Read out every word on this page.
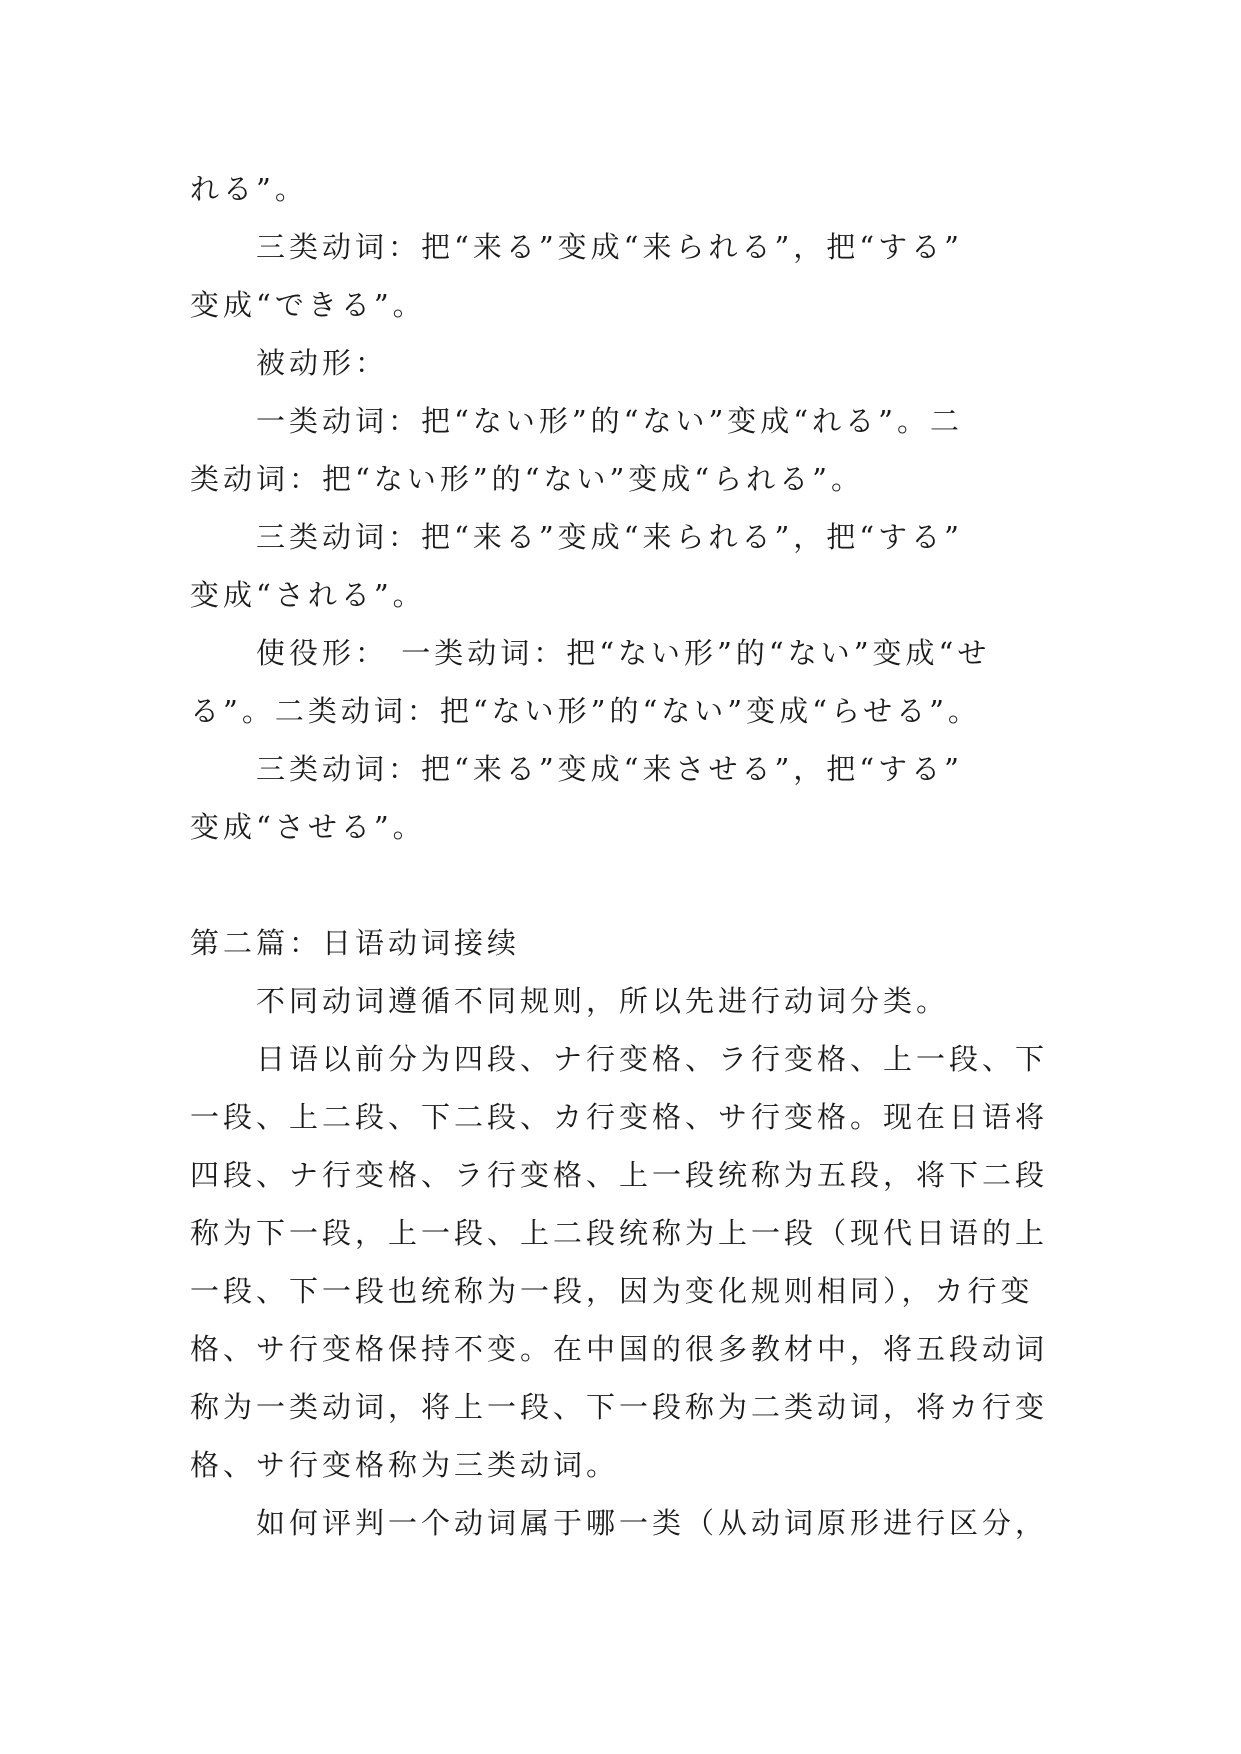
れる”。

三类动词：把“来る”变成“来られる”，把“する”

变成“できる”。

被动形：

一类动词：把“ない形”的“ない”变成“れる”。二

类动词：把“ない形”的“ない”变成“られる”。

三类动词：把“来る”变成“来られる”，把“する”

变成“される”。

使役形： 一类动词：把“ない形”的“ない”变成“せ

る”。二类动词：把“ない形”的“ない”变成“らせる”。

三类动词：把“来る”变成“来させる”，把“する”

变成“させる”。

第二篇：日语动词接续

不同动词遵循不同规则，所以先进行动词分类。

日语以前分为四段、ナ行变格、ラ行变格、上一段、下

一段、上二段、下二段、カ行变格、サ行变格。现在日语将

四段、ナ行变格、ラ行变格、上一段统称为五段，将下二段

称为下一段，上一段、上二段统称为上一段（现代日语的上

一段、下一段也统称为一段，因为变化规则相同），カ行变

格、サ行变格保持不变。在中国的很多教材中，将五段动词

称为一类动词，将上一段、下一段称为二类动词，将カ行变

格、サ行变格称为三类动词。

如何评判一个动词属于哪一类（从动词原形进行区分，
